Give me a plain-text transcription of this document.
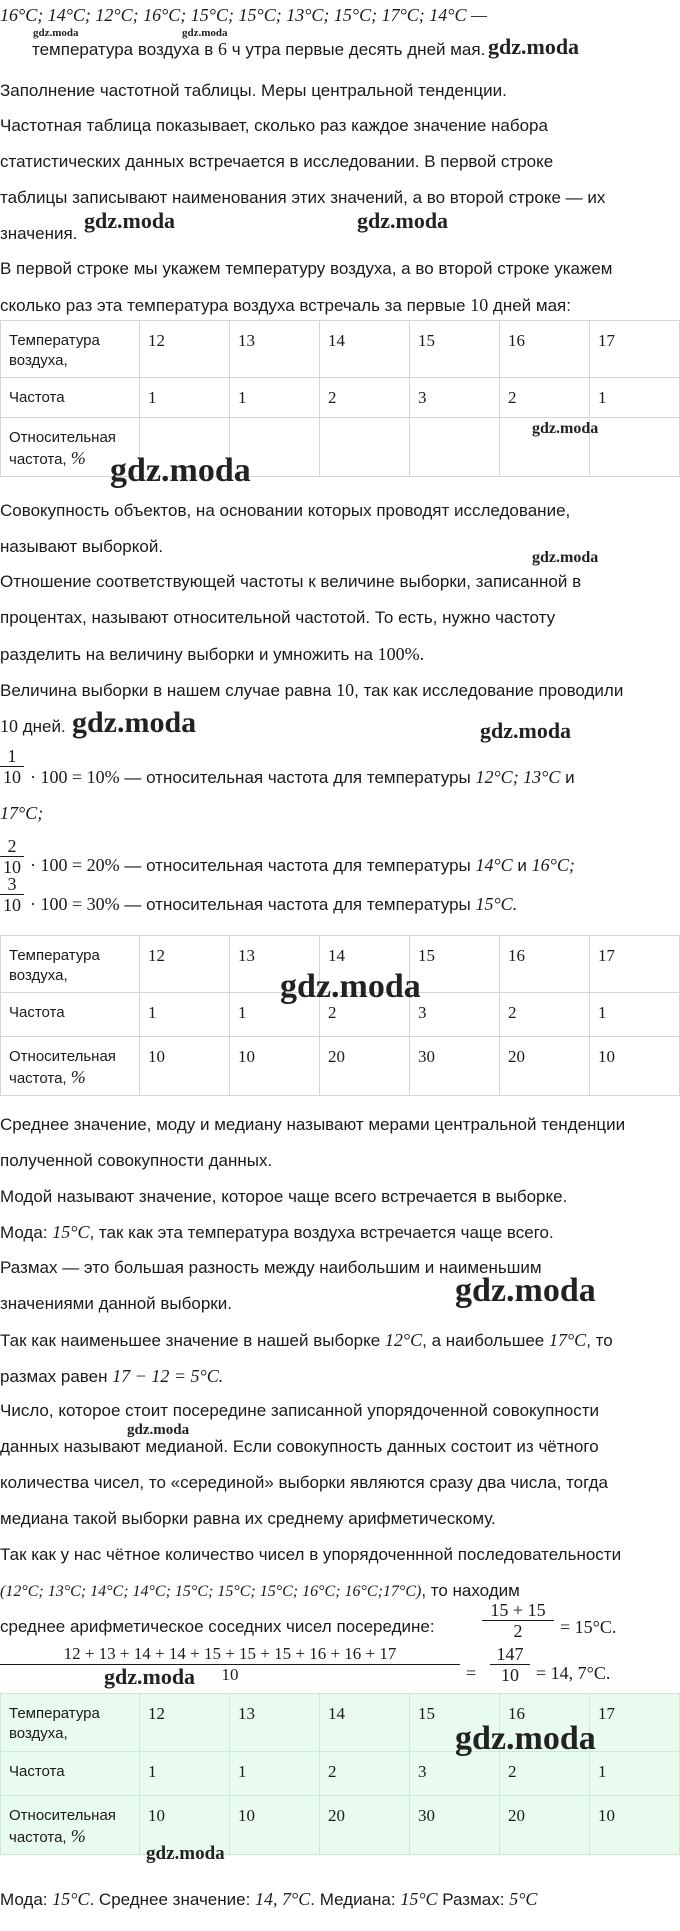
16°C; 14°C; 12°C; 16°C; 15°C; 15°C; 13°C; 15°C; 17°C; 14°C —
gdz.moda	gdz.moda
температура воздуха в 6 ч утра первые десять дней мая. gdz.moda
Заполнение частотной таблицы. Меры центральной тенденции.
Частотная таблица показывает, сколько раз каждое значение набора
статистических данных встречается в исследовании. В первой строке
таблицы записывают наименования этих значений, а во второй строке — их
значения.
gdz.moda	gdz.moda
В первой строке мы укажем температуру воздуха, а во второй строке укажем
сколько раз эта температура воздуха встречаль за первые 10 дней мая:
Температура воздуха,	12	13	14	15	16	17
Частота	1	1	2	3	2	1
Относительная частота, %						
gdz.moda
gdz.moda
Совокупность объектов, на основании которых проводят исследование,
называют выборкой.
gdz.moda
Отношение соответствующей частоты к величине выборки, записанной в
процентах, называют относительной частотой. То есть, нужно частоту
разделить на величину выборки и умножить на 100%.
Величина выборки в нашем случае равна 10, так как исследование проводили
10 дней. gdz.moda	gdz.moda
1
10 · 100 = 10% — относительная частота для температуры 12°C; 13°C и
17°C;
2
10 · 100 = 20% — относительная частота для температуры 14°C и 16°C;
3
10 · 100 = 30% — относительная частота для температуры 15°C.
Температура воздуха,	12	13	14	15	16	17
Частота	1	1	2	3	2	1
Относительная частота, %	10	10	20	30	20	10
gdz.moda
Среднее значение, моду и медиану называют мерами центральной тенденции
полученной совокупности данных.
Модой называют значение, которое чаще всего встречается в выборке.
Мода: 15°C, так как эта температура воздуха встречается чаще всего.
Размах — это большая разность между наибольшим и наименьшим
значениями данной выборки.	gdz.moda
Так как наименьшее значение в нашей выборке 12°C, а наибольшее 17°C, то
размах равен 17 − 12 = 5°C.
Число, которое стоит посередине записанной упорядоченной совокупности
gdz.moda
данных называют медианой. Если совокупность данных состоит из чётного
количества чисел, то «серединой» выборки являются сразу два числа, тогда
медиана такой выборки равна их среднему арифметическому.
Так как у нас чётное количество чисел в упорядоченнной последовательности
(12°C; 13°C; 14°C; 14°C; 15°C; 15°C; 15°C; 16°C; 16°C;17°C), то находим
среднее арифметическое соседних чисел посередине:
15 + 15
2	= 15°C.
12 + 13 + 14 + 14 + 15 + 15 + 15 + 16 + 16 + 17
10	=
147
10 = 14, 7°C.
gdz.moda
Температура воздуха,	12	13	14	15	16	17
Частота	1	1	2	3	2	1
Относительная частота, %	10	10	20	30	20	10
gdz.moda
gdz.moda
Мода: 15°C. Среднее значение: 14, 7°C. Медиана: 15°C Размах: 5°C
